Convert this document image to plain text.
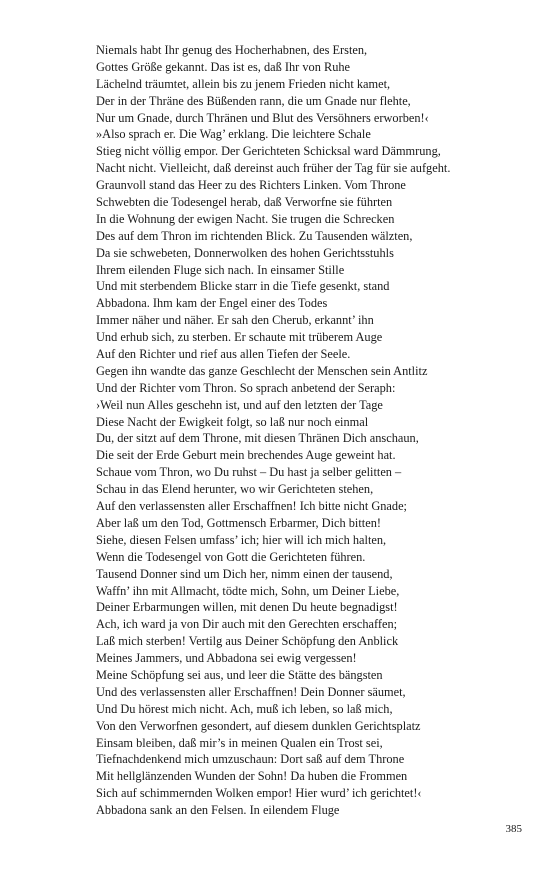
Niemals habt Ihr genug des Hocherhabnen, des Ersten,
Gottes Größe gekannt. Das ist es, daß Ihr von Ruhe
Lächelnd träumtet, allein bis zu jenem Frieden nicht kamet,
Der in der Thräne des Büßenden rann, die um Gnade nur flehte,
Nur um Gnade, durch Thränen und Blut des Versöhners erworben!‹
»Also sprach er. Die Wag’ erklang. Die leichtere Schale
Stieg nicht völlig empor. Der Gerichteten Schicksal ward Dämmrung,
Nacht nicht. Vielleicht, daß dereinst auch früher der Tag für sie aufgeht.
Graunvoll stand das Heer zu des Richters Linken. Vom Throne
Schwebten die Todesengel herab, daß Verworfne sie führten
In die Wohnung der ewigen Nacht. Sie trugen die Schrecken
Des auf dem Thron im richtenden Blick. Zu Tausenden wälzten,
Da sie schwebeten, Donnerwolken des hohen Gerichtsstuhls
Ihrem eilenden Fluge sich nach. In einsamer Stille
Und mit sterbendem Blicke starr in die Tiefe gesenkt, stand
Abbadona. Ihm kam der Engel einer des Todes
Immer näher und näher. Er sah den Cherub, erkannt’ ihn
Und erhub sich, zu sterben. Er schaute mit trüberem Auge
Auf den Richter und rief aus allen Tiefen der Seele.
Gegen ihn wandte das ganze Geschlecht der Menschen sein Antlitz
Und der Richter vom Thron. So sprach anbetend der Seraph:
›Weil nun Alles geschehn ist, und auf den letzten der Tage
Diese Nacht der Ewigkeit folgt, so laß nur noch einmal
Du, der sitzt auf dem Throne, mit diesen Thränen Dich anschaun,
Die seit der Erde Geburt mein brechendes Auge geweint hat.
Schaue vom Thron, wo Du ruhst – Du hast ja selber gelitten –
Schau in das Elend herunter, wo wir Gerichteten stehen,
Auf den verlassensten aller Erschaffnen! Ich bitte nicht Gnade;
Aber laß um den Tod, Gottmensch Erbarmer, Dich bitten!
Siehe, diesen Felsen umfass’ ich; hier will ich mich halten,
Wenn die Todesengel von Gott die Gerichteten führen.
Tausend Donner sind um Dich her, nimm einen der tausend,
Waffn’ ihn mit Allmacht, tödte mich, Sohn, um Deiner Liebe,
Deiner Erbarmungen willen, mit denen Du heute begnadigst!
Ach, ich ward ja von Dir auch mit den Gerechten erschaffen;
Laß mich sterben! Vertilg aus Deiner Schöpfung den Anblick
Meines Jammers, und Abbadona sei ewig vergessen!
Meine Schöpfung sei aus, und leer die Stätte des bängsten
Und des verlassensten aller Erschaffnen! Dein Donner säumet,
Und Du hörest mich nicht. Ach, muß ich leben, so laß mich,
Von den Verworfnen gesondert, auf diesem dunklen Gerichtsplatz
Einsam bleiben, daß mir’s in meinen Qualen ein Trost sei,
Tiefnachdenkend mich umzuschaun: Dort saß auf dem Throne
Mit hellglänzenden Wunden der Sohn! Da huben die Frommen
Sich auf schimmernden Wolken empor! Hier wurd’ ich gerichtet!‹
Abbadona sank an den Felsen. In eilendem Fluge
385
